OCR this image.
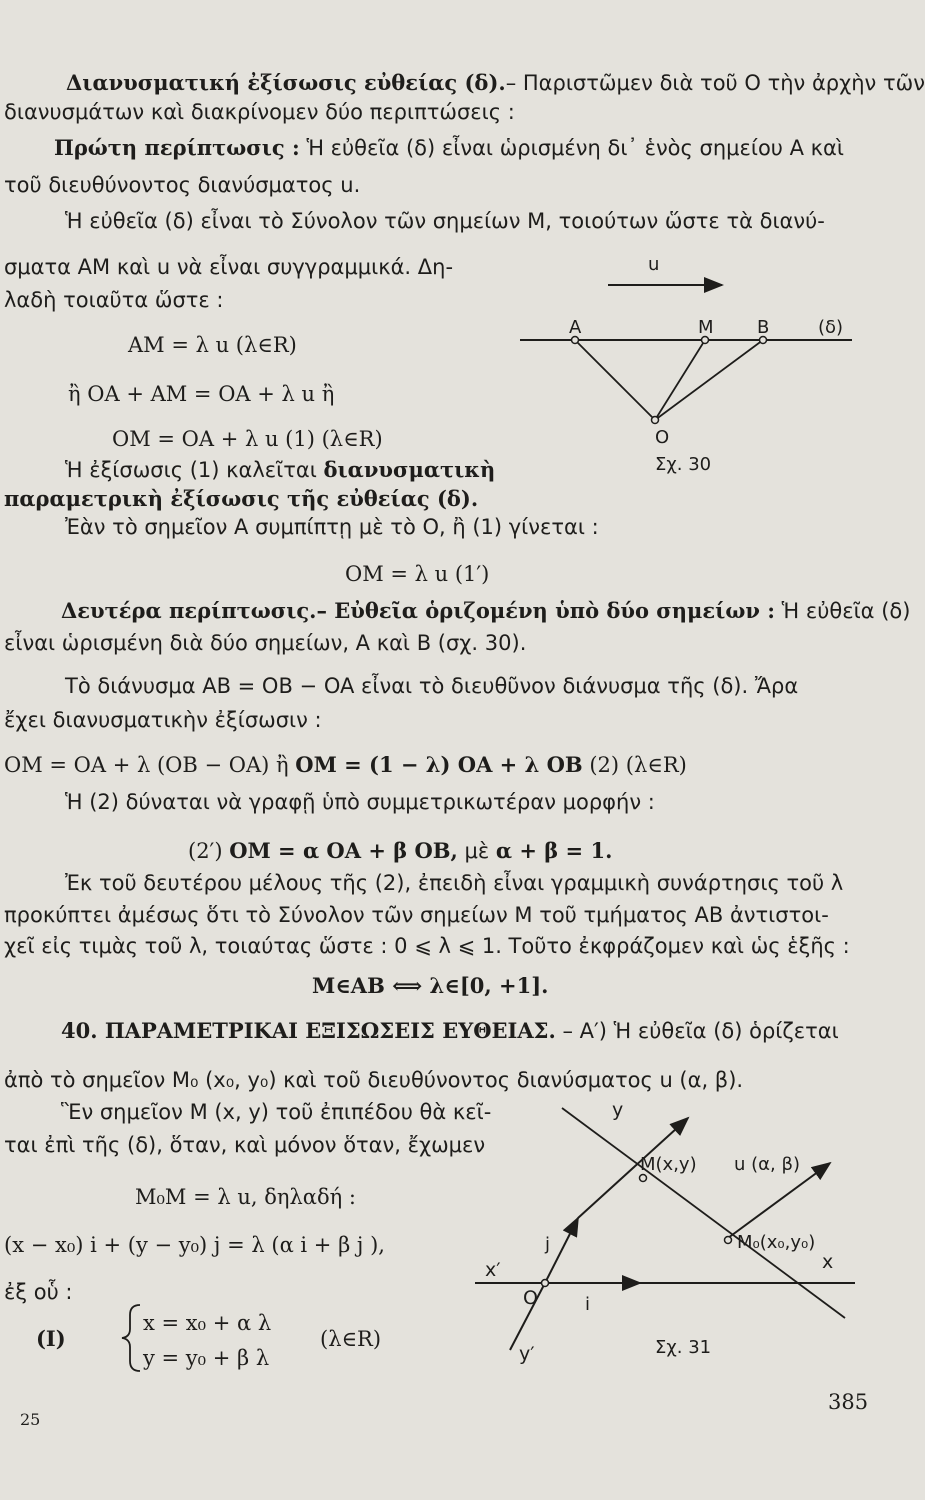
Διανυσματική ἐξίσωσις εὐθείας (δ).– Παριστῶμεν διὰ τοῦ O τὴν ἀρχὴν τῶν
διανυσμάτων καὶ διακρίνομεν δύο περιπτώσεις :
Πρώτη περίπτωσις : Ἡ εὐθεῖα (δ) εἶναι ὡρισμένη δι᾽ ἑνὸς σημείου A καὶ
τοῦ διευθύνοντος διανύσματος u.
Ἡ εὐθεῖα (δ) εἶναι τὸ Σύνολον τῶν σημείων M, τοιούτων ὥστε τὰ διανύ-
σματα AM καὶ u νὰ εἶναι συγγραμμικά. Δη-
λαδὴ τοιαῦτα ὥστε :
AM = λ u (λ∈R)
ἢ OA + AM = OA + λ u ἢ
OM = OA + λ u (1) (λ∈R)
Ἡ ἐξίσωσις (1) καλεῖται διανυσματικὴ
παραμετρικὴ ἐξίσωσις τῆς εὐθείας (δ).
Ἐὰν τὸ σημεῖον A συμπίπτῃ μὲ τὸ O, ἢ (1) γίνεται :
OM = λ u (1′)
Δευτέρα περίπτωσις.– Εὐθεῖα ὁριζομένη ὑπὸ δύο σημείων : Ἡ εὐθεῖα (δ)
εἶναι ὡρισμένη διὰ δύο σημείων, A καὶ B (σχ. 30).
Τὸ διάνυσμα AB = OB − OA εἶναι τὸ διευθῦνον διάνυσμα τῆς (δ). Ἄρα
ἔχει διανυσματικὴν ἐξίσωσιν :
OM = OA + λ (OB − OA) ἢ OM = (1 − λ) OA + λ OB (2) (λ∈R)
Ἡ (2) δύναται νὰ γραφῇ ὑπὸ συμμετρικωτέραν μορφήν :
(2′) OM = α OA + β OB, μὲ α + β = 1.
Ἐκ τοῦ δευτέρου μέλους τῆς (2), ἐπειδὴ εἶναι γραμμικὴ συνάρτησις τοῦ λ
προκύπτει ἀμέσως ὅτι τὸ Σύνολον τῶν σημείων M τοῦ τμήματος AB ἀντιστοι-
χεῖ εἰς τιμὰς τοῦ λ, τοιαύτας ὥστε : 0 ⩽ λ ⩽ 1. Τοῦτο ἐκφράζομεν καὶ ὡς ἑξῆς :
M∈AB ⟺ λ∈[0, +1].
40. ΠΑΡΑΜΕΤΡΙΚΑΙ ΕΞΙΣΩΣΕΙΣ ΕΥΘΕΙΑΣ. – A′) Ἡ εὐθεῖα (δ) ὁρίζεται
ἀπὸ τὸ σημεῖον M₀ (x₀, y₀) καὶ τοῦ διευθύνοντος διανύσματος u (α, β).
Ἓν σημεῖον M (x, y) τοῦ ἐπιπέδου θὰ κεῖ-
ται ἐπὶ τῆς (δ), ὅταν, καὶ μόνον ὅταν, ἔχωμεν
M₀M = λ u, δηλαδή :
(x − x₀) i + (y − y₀) j = λ (α i + β j ),
ἐξ οὗ :
x = x₀ + α λ
y = y₀ + β λ
(I)	(λ∈R)
u
A	M B	(δ)
O
Σχ. 30
y
y′
x
x′
O
M(x,y) u (α, β)
M₀(x₀,y₀)
i
j
Σχ. 31
25
385
